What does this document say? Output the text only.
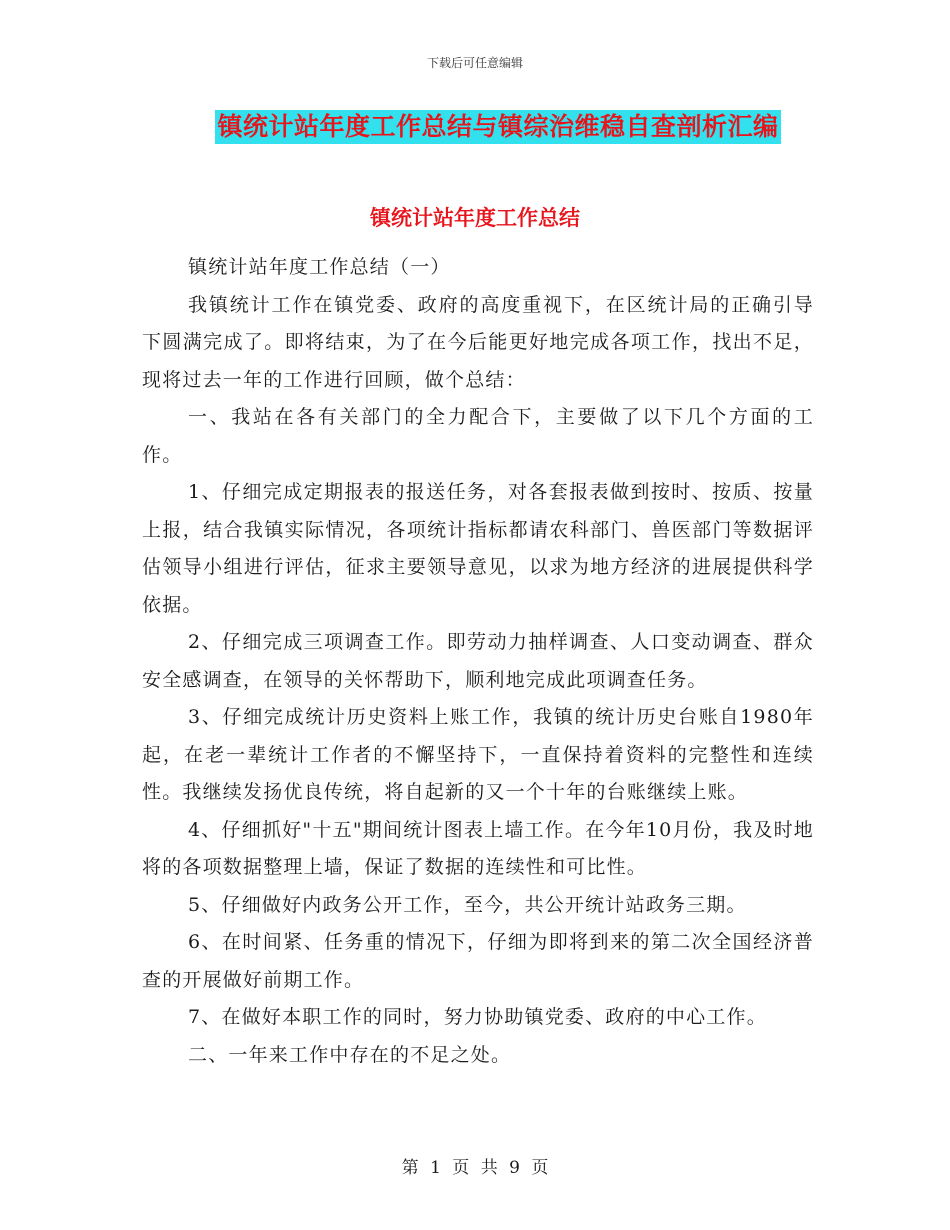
下载后可任意编辑
镇统计站年度工作总结与镇综治维稳自查剖析汇编
镇统计站年度工作总结

镇统计站年度工作总结（一）

我镇统计工作在镇党委、政府的高度重视下，在区统计局的正确引导下圆满完成了。即将结束，为了在今后能更好地完成各项工作，找出不足，现将过去一年的工作进行回顾，做个总结：

一、我站在各有关部门的全力配合下，主要做了以下几个方面的工作。

1、仔细完成定期报表的报送任务，对各套报表做到按时、按质、按量上报，结合我镇实际情况，各项统计指标都请农科部门、兽医部门等数据评估领导小组进行评估，征求主要领导意见，以求为地方经济的进展提供科学依据。

2、仔细完成三项调查工作。即劳动力抽样调查、人口变动调查、群众安全感调查，在领导的关怀帮助下，顺利地完成此项调查任务。

3、仔细完成统计历史资料上账工作，我镇的统计历史台账自1980年起，在老一辈统计工作者的不懈坚持下，一直保持着资料的完整性和连续性。我继续发扬优良传统，将自起新的又一个十年的台账继续上账。

4、仔细抓好"十五"期间统计图表上墙工作。在今年10月份，我及时地将的各项数据整理上墙，保证了数据的连续性和可比性。

5、仔细做好内政务公开工作，至今，共公开统计站政务三期。

6、在时间紧、任务重的情况下，仔细为即将到来的第二次全国经济普查的开展做好前期工作。

7、在做好本职工作的同时，努力协助镇党委、政府的中心工作。

二、一年来工作中存在的不足之处。

第 1 页 共 9 页
